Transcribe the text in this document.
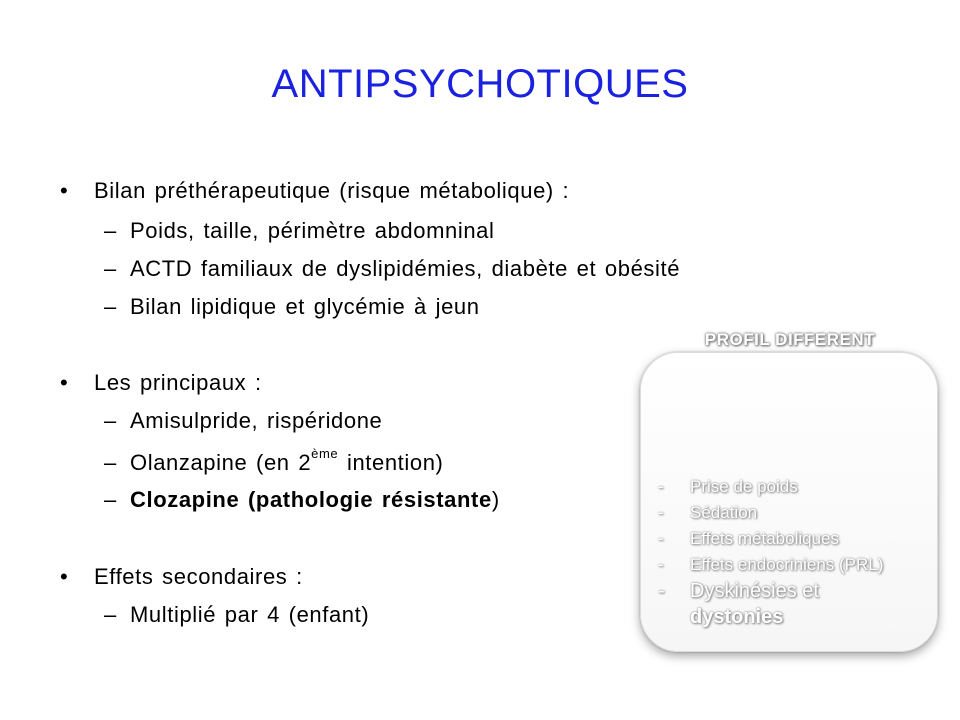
ANTIPSYCHOTIQUES
• Bilan préthérapeutique (risque métabolique) :
– Poids, taille, périmètre abdomninal
– ACTD familiaux de dyslipidémies, diabète et obésité
– Bilan lipidique et glycémie à jeun
• Les principaux :
– Amisulpride, rispéridone
– Olanzapine (en 2ème intention)
– Clozapine (pathologie résistante)
• Effets secondaires :
– Multiplié par 4 (enfant)
PROFIL DIFFERENT
- Prise de poids
- Sédation
- Effets métaboliques
- Effets endocriniens (PRL)
- Dyskinésies et
dystonies
